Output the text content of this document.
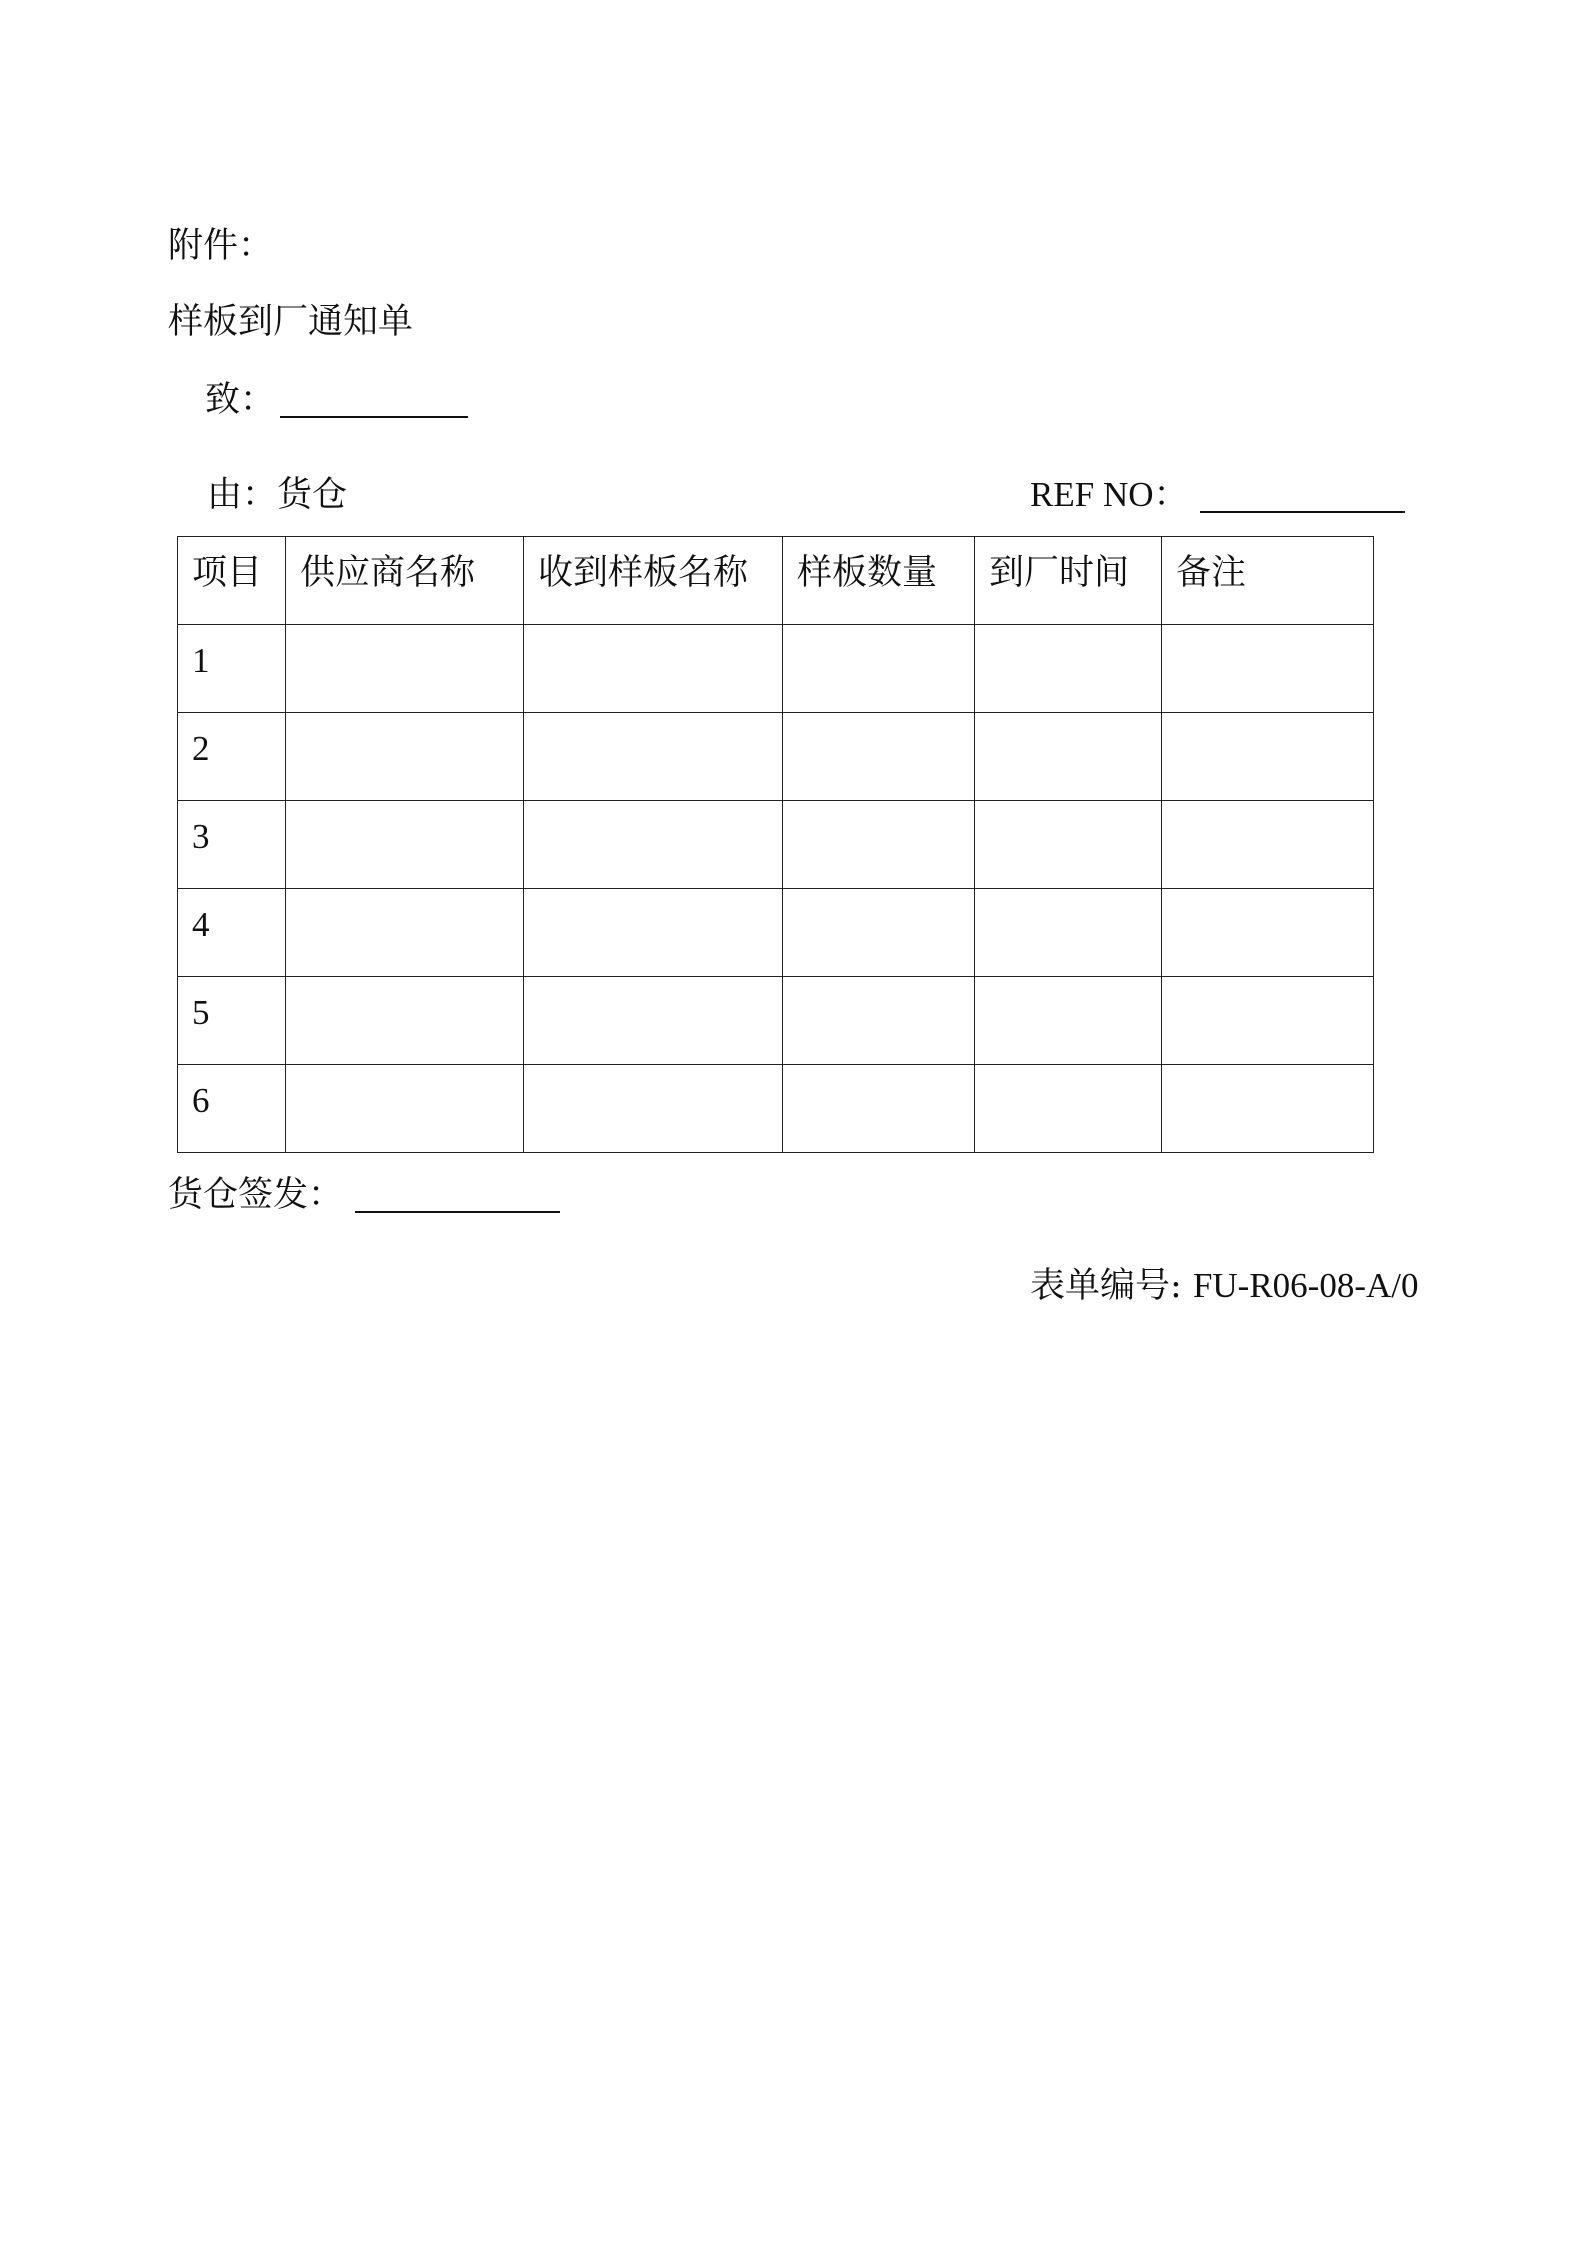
附件：
样板到厂通知单
致：
由：货仓	REF NO：
项目	供应商名称	收到样板名称	样板数量	到厂时间	备注
1					
2					
3					
4					
5					
6					
货仓签发：
表单编号: FU-R06-08-A/0
